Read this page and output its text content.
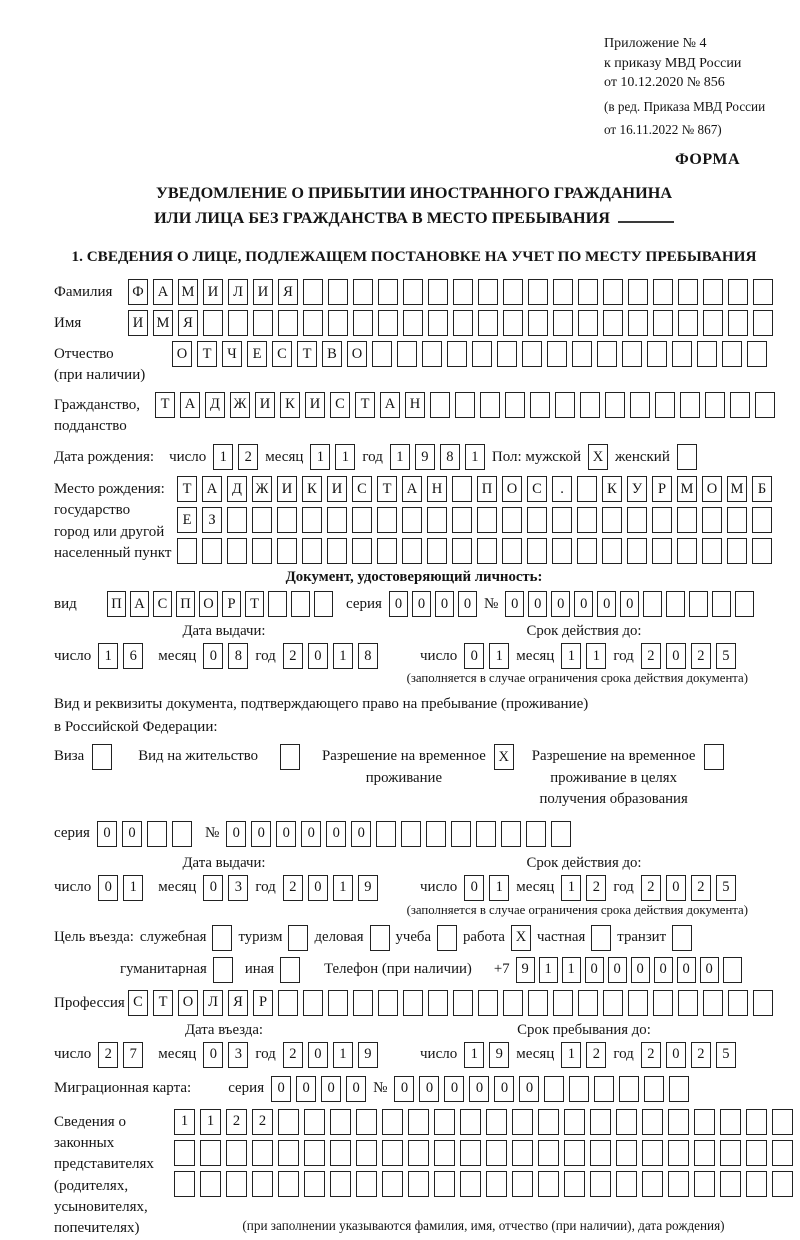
Приложение № 4
к приказу МВД России
от 10.12.2020 № 856
(в ред. Приказа МВД России
от 16.11.2022 № 867)
ФОРМА
УВЕДОМЛЕНИЕ О ПРИБЫТИИ ИНОСТРАННОГО ГРАЖДАНИНА
ИЛИ ЛИЦА БЕЗ ГРАЖДАНСТВА В МЕСТО ПРЕБЫВАНИЯ
1. СВЕДЕНИЯ О ЛИЦЕ, ПОДЛЕЖАЩЕМ ПОСТАНОВКЕ НА УЧЕТ ПО МЕСТУ ПРЕБЫВАНИЯ
Фамилия	Ф А М И	Л	И	Я
Имя	И М Я
Отчество
(при наличии)
О	Т	Ч	Е	С	Т	В	О
Гражданство,
подданство
Т	А	Д Ж И	К	И	С	Т	А	Н
Дата рождения: число 1	2 месяц 1	1 год 1	9	8	1 Пол: мужской X женский
Место рождения:
государство
город или другой
населенный пункт
Т	А	Д Ж И	К	И	С	Т	А	Н	П	О	С	.	К	У	Р	М О М Б
Е	З
Документ, удостоверяющий личность:
вид	П А С П О Р	Т	серия 0	0	0	0 № 0	0	0	0	0	0
Дата выдачи:
число 1	6	месяц 0	8 год 2	0	1	8
Срок действия до:
число 0	1 месяц 1	1 год 2	0	2	5
(заполняется в случае ограничения срока действия документа)
Вид и реквизиты документа, подтверждающего право на пребывание (проживание)
в Российской Федерации:
Виза	Вид на жительство	Разрешение на временное
проживание
X	Разрешение на временное
проживание в целях
получения образования
серия 0	0	№ 0	0	0	0	0	0
Дата выдачи:
число 0	1	месяц 0	3 год 2	0	1	9
Срок действия до:
число 0	1 месяц 1	2 год 2	0	2	5
(заполняется в случае ограничения срока действия документа)
Цель въезда: служебная туризм деловая учеба работа X частная транзит
гуманитарная	иная	Телефон (при наличии) +7 9	1	1	0	0	0	0	0	0
Профессия С	Т	О	Л	Я	Р
Дата въезда:
число 2	7	месяц 0	3 год 2	0	1	9
Срок пребывания до:
число 1	9 месяц 1	2 год 2	0	2	5
Миграционная карта: серия 0	0	0	0 № 0	0	0	0	0	0
Сведения о
законных
представителях
(родителях,
усыновителях,
попечителях)
1	1	2	2
(при заполнении указываются фамилия, имя, отчество (при наличии), дата рождения)
